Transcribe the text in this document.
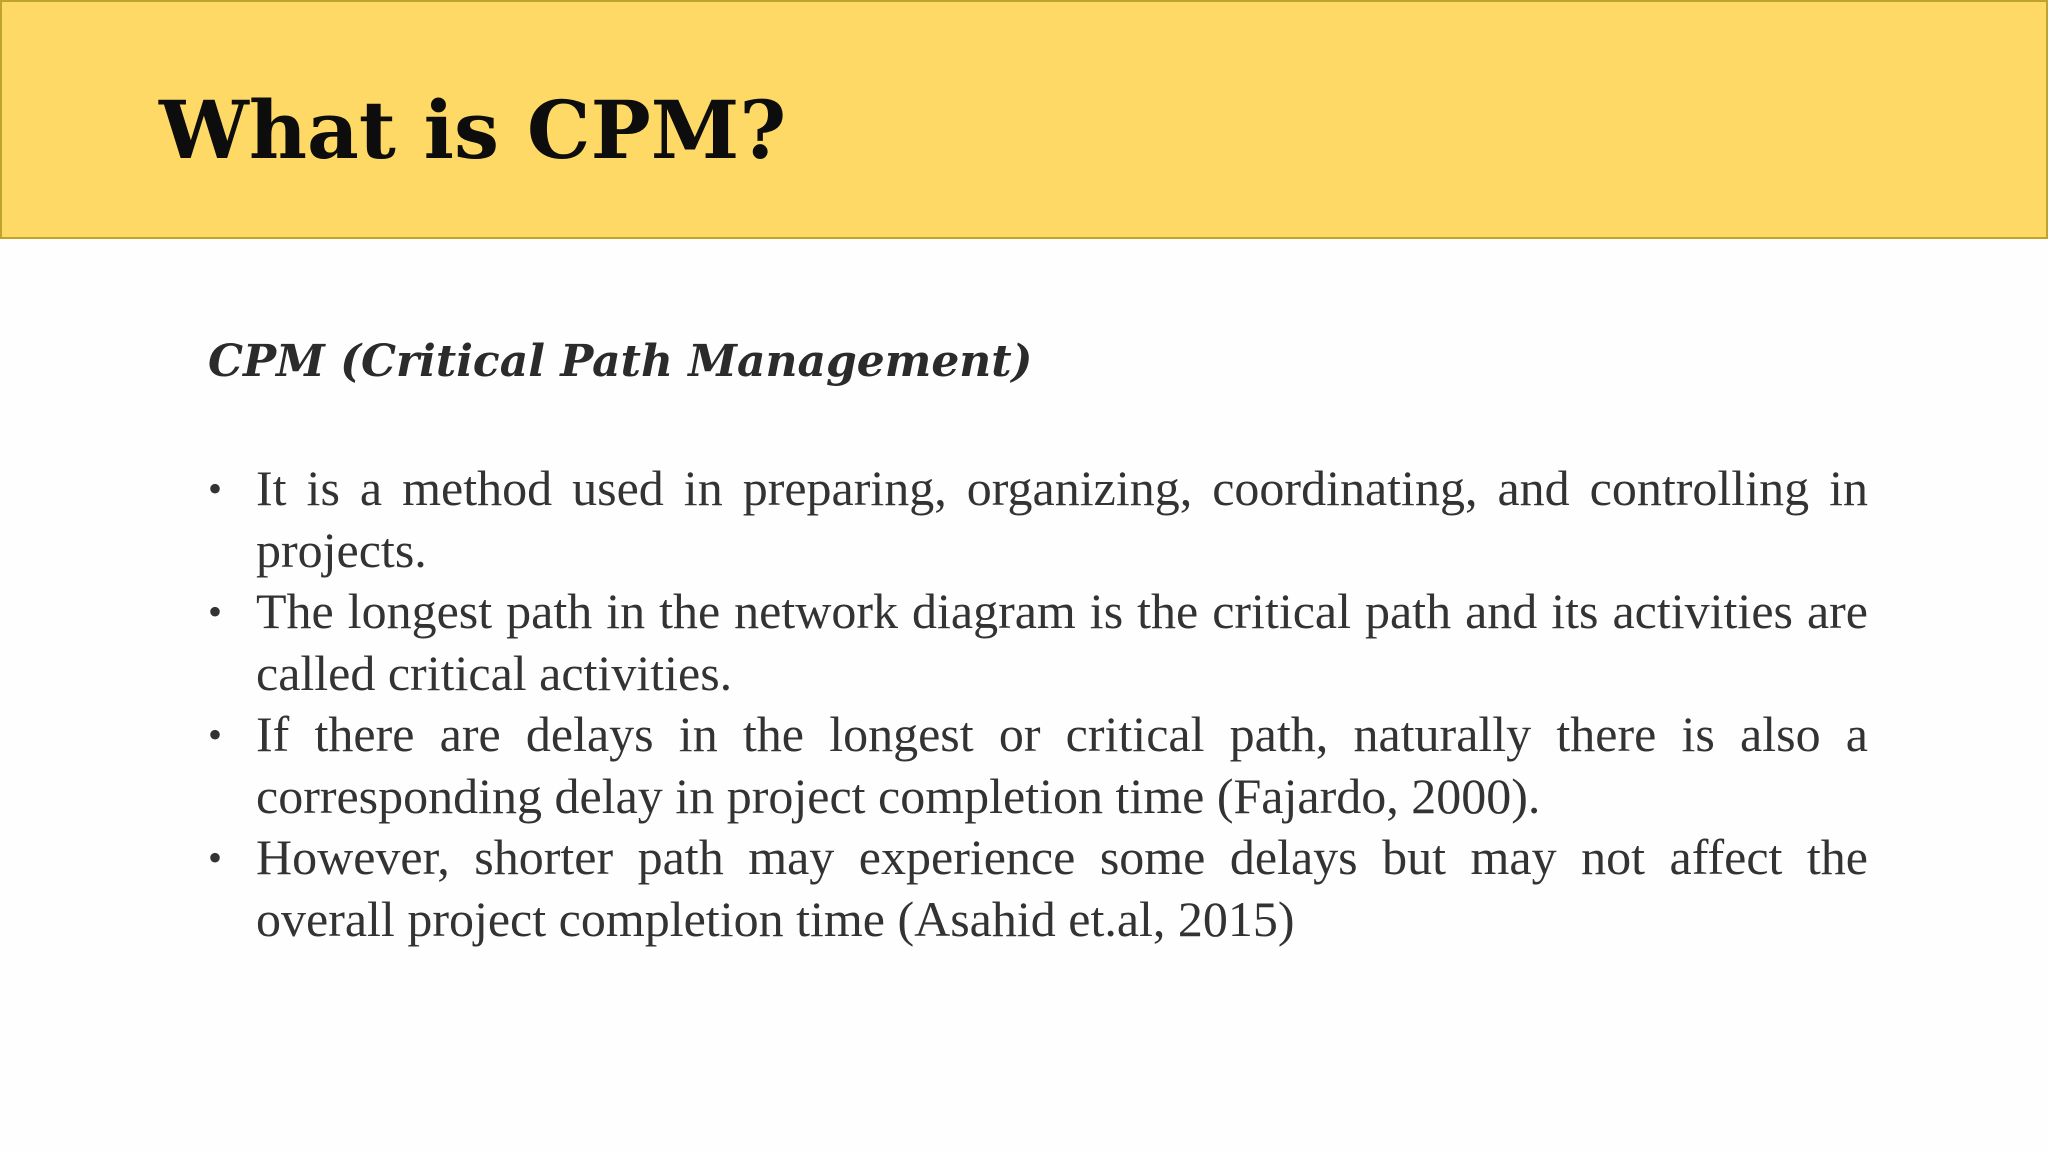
What is CPM?

CPM (Critical Path Management)

• It is a method used in preparing, organizing, coordinating, and controlling in projects.
• The longest path in the network diagram is the critical path and its activities are called critical activities.
• If there are delays in the longest or critical path, naturally there is also a corresponding delay in project completion time (Fajardo, 2000).
• However, shorter path may experience some delays but may not affect the overall project completion time (Asahid et.al, 2015)
